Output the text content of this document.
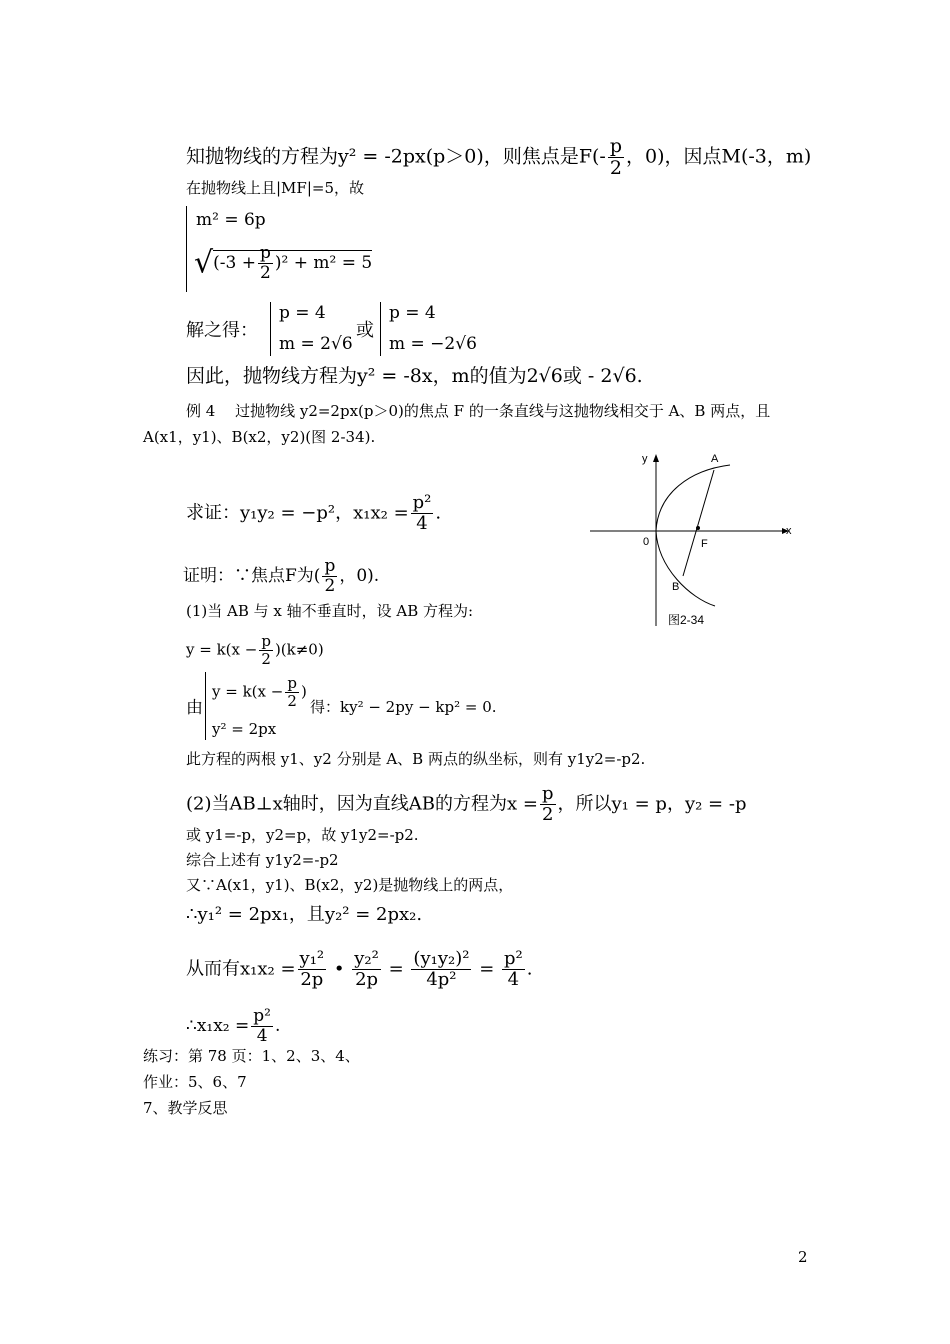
知抛物线的方程为y² = -2px(p＞0)，则焦点是$F(- \frac{p}{2}$ ，0)，因点M(-3，m)
在抛物线上且|MF|=5，故
m² = 6p
$√(-3 + \frac{p}{2} )^2 + m^2 = 5$
解之得：
p = 4
m = 2√6
或
p = 4
m = −2√6
因此，抛物线方程为y² = -8x，m的值为2√6或 - 2√6.
例 4　 过抛物线 y2=2px(p＞0)的焦点 F 的一条直线与这抛物线相交于 A、B 两点，且
A(x1，y1)、B(x2，y2)(图 2-34).
求证：y₁y₂ = −p²，$x_1x_2 = \frac{\text{p²}}{4}$ .
证明：∵焦点F为( $\frac{p}{2}$ ，0).
(1)当 AB 与 x 轴不垂直时，设 AB 方程为:
$y = k(x - \frac{p}{2} )(k\ne 0)$
由
$y = k(x - \frac{p}{2}$ )
y² = 2px
得：ky² − 2py − kp² = 0.
此方程的两根 y1、y2 分别是 A、B 两点的纵坐标，则有 y1y2=-p2.
(2)当AB⊥x轴时，因为直线AB的方程为$x = \frac{p}{2}$ ，所以y₁ = p，y₂ = -p
或 y1=-p，y2=p，故 y1y2=-p2.
综合上述有 y1y2=-p2
又∵A(x1，y1)、B(x2，y2)是抛物线上的两点，
∴y₁² = 2px₁，且y₂² = 2px₂.
从而有$x_1x_2 = \frac{\text{y₁²}}{2p}$ • $\frac{\text{y₂²}}{2p} = \frac{\text{(y₁y₂)²}}{\text{4p²}} = \frac{\text{p²}}{4}$ .
∴x₁x₂ = $\frac{\text{p²}}{4}$ .
练习：第 78 页：1、2、3、4、
作业：5、6、7
7、教学反思
2
y
x
0
A
B
F
图2-34
